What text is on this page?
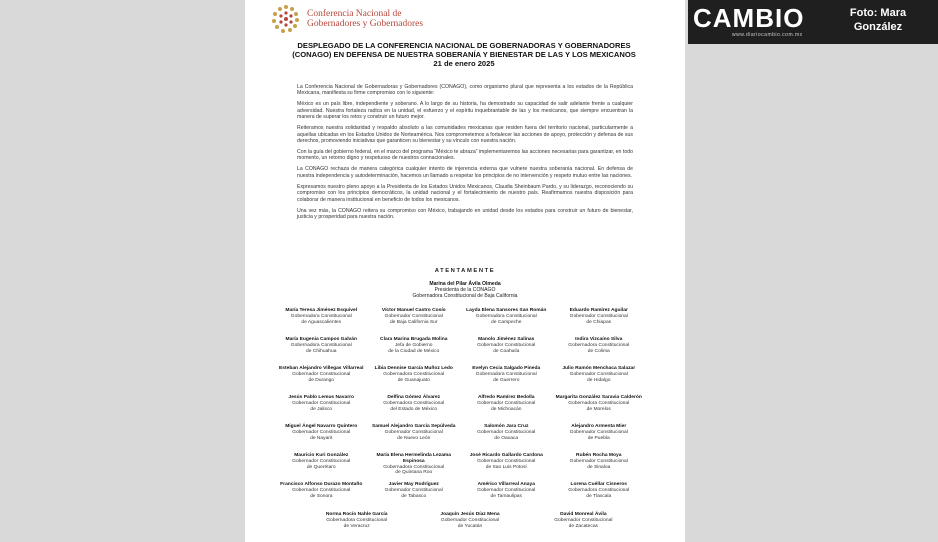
Conferencia Nacional de
Gobernadores y Gobernadores
DESPLEGADO DE LA CONFERENCIA NACIONAL DE GOBERNADORAS Y GOBERNADORES
(CONAGO) EN DEFENSA DE NUESTRA SOBERANÍA Y BIENESTAR DE LAS Y LOS MEXICANOS
21 de enero 2025

La Conferencia Nacional de Gobernadoras y Gobernadores (CONAGO), como organismo plural que representa a los estados de la República Mexicana, manifiesta su firme compromiso con lo siguiente:

México es un país libre, independiente y soberano. A lo largo de su historia, ha demostrado su capacidad de salir adelante frente a cualquier adversidad. Nuestra fortaleza radica en la unidad, el esfuerzo y el espíritu inquebrantable de las y los mexicanos, que siempre encuentran la manera de superar los retos y construir un futuro mejor.

Reiteramos nuestra solidaridad y respaldo absoluto a las comunidades mexicanas que residen fuera del territorio nacional, particularmente a aquellas ubicadas en los Estados Unidos de Norteamérica. Nos comprometemos a fortalecer las acciones de apoyo, protección y defensa de sus derechos, promoviendo iniciativas que garanticen su bienestar y su vínculo con nuestra nación.

Con la guía del gobierno federal, en el marco del programa “México te abraza” implementaremos las acciones necesarias para garantizar, en todo momento, un retorno digno y respetuoso de nuestros connacionales.

La CONAGO rechaza de manera categórica cualquier intento de injerencia externa que vulnere nuestra soberanía nacional. En defensa de nuestra independencia y autodeterminación, hacemos un llamado a respetar los principios de no intervención y respeto mutuo entre las naciones.

Expresamos nuestro pleno apoyo a la Presidenta de los Estados Unidos Mexicanos, Claudia Sheinbaum Pardo, y su liderazgo, reconociendo su compromiso con los principios democráticos, la unidad nacional y el fortalecimiento de nuestro país. Reafirmamos nuestra disposición para colaborar de manera institucional en beneficio de todos los mexicanos.

Una vez más, la CONAGO reitera su compromiso con México, trabajando en unidad desde los estados para construir un futuro de bienestar, justicia y prosperidad para nuestra nación.

ATENTAMENTE
Marina del Pilar Ávila Olmeda
Presidenta de la CONAGO
Gobernadora Constitucional de Baja California
María Teresa Jiménez Esquivel
Gobernadora Constitucional
de Aguascalientes
Víctor Manuel Castro Cosío
Gobernador Constitucional
de Baja California Sur
Layda Elena Sansores San Román
Gobernadora Constitucional
de Campeche
Eduardo Ramírez Aguilar
Gobernador Constitucional
de Chiapas
María Eugenia Campos Galván
Gobernadora Constitucional
de Chihuahua
Clara Marina Brugada Molina
Jefa de Gobierno
de la Ciudad de México
Manolo Jiménez Salinas
Gobernador Constitucional
de Coahuila
Indira Vizcaíno Silva
Gobernadora Constitucional
de Colima
Esteban Alejandro Villegas Villarreal
Gobernador Constitucional
de Durango
Libia Dennise García Muñoz Ledo
Gobernadora Constitucional
de Guanajuato
Evelyn Cecia Salgado Pineda
Gobernadora Constitucional
de Guerrero
Julio Ramón Menchaca Salazar
Gobernador Constitucional
de Hidalgo
Jesús Pablo Lemus Navarro
Gobernador Constitucional
de Jalisco
Delfina Gómez Álvarez
Gobernadora Constitucional
del Estado de México
Alfredo Ramírez Bedolla
Gobernador Constitucional
de Michoacán
Margarita González Saravia Calderón
Gobernadora Constitucional
de Morelos
Miguel Ángel Navarro Quintero
Gobernador Constitucional
de Nayarit
Samuel Alejandro García Sepúlveda
Gobernador Constitucional
de Nuevo León
Salomón Jara Cruz
Gobernador Constitucional
de Oaxaca
Alejandro Armenta Mier
Gobernador Constitucional
de Puebla
Mauricio Kuri González
Gobernador Constitucional
de Querétaro
María Elena Hermelinda Lezama Espinosa
Gobernadora Constitucional
de Quintana Roo
José Ricardo Gallardo Cardona
Gobernador Constitucional
de San Luis Potosí
Rubén Rocha Moya
Gobernador Constitucional
de Sinaloa
Francisco Alfonso Durazo Montaño
Gobernador Constitucional
de Sonora
Javier May Rodríguez
Gobernador Constitucional
de Tabasco
Américo Villarreal Anaya
Gobernador Constitucional
de Tamaulipas
Lorena Cuéllar Cisneros
Gobernadora Constitucional
de Tlaxcala
Norma Rocío Nahle García
Gobernadora Constitucional
de Veracruz
Joaquín Jesús Díaz Mena
Gobernador Constitucional
de Yucatán
David Monreal Ávila
Gobernador Constitucional
de Zacatecas
CAMBIO
www.diariocambio.com.mx
Foto: Mara
González
